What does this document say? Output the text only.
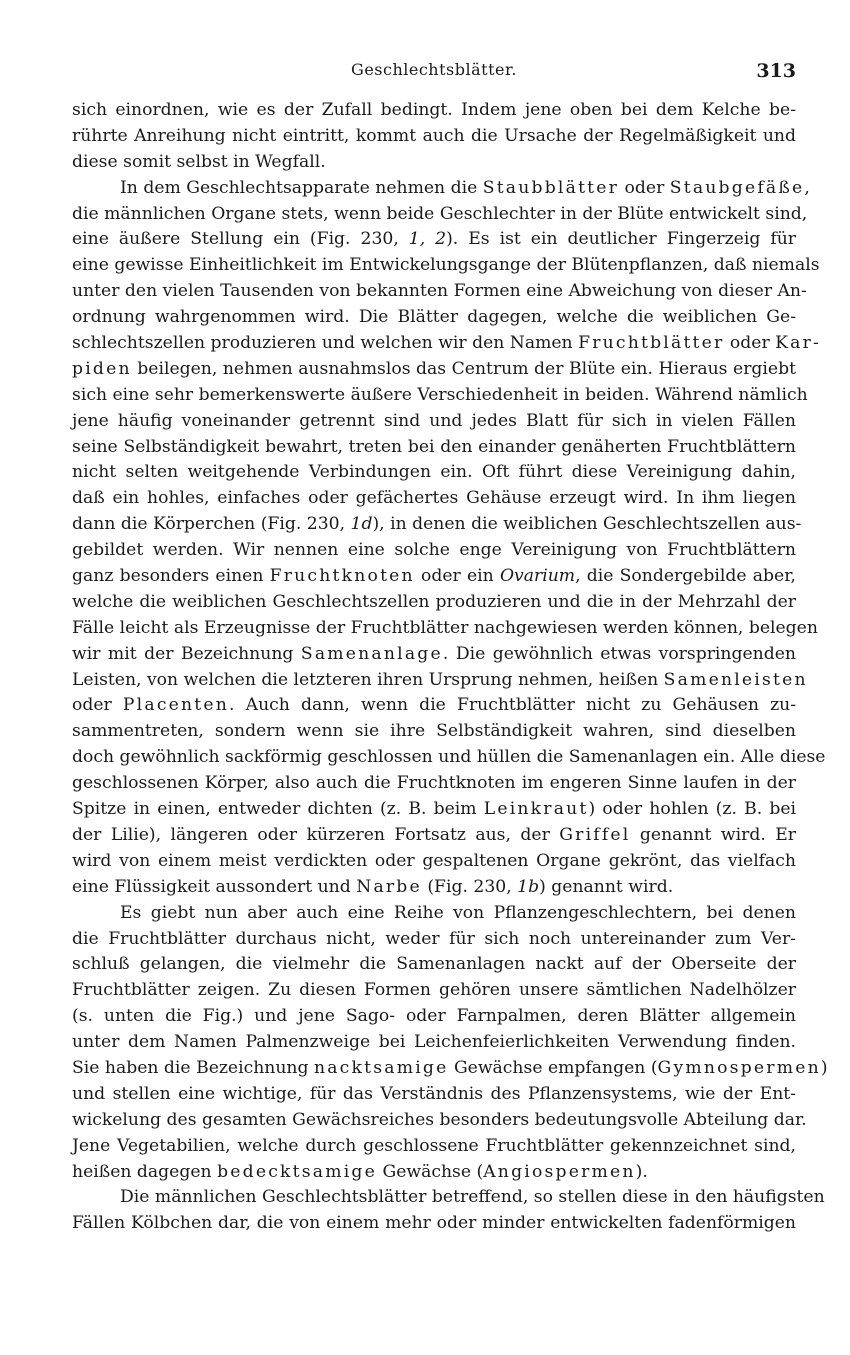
Geschlechtsblätter.	313
sich einordnen, wie es der Zufall bedingt. Indem jene oben bei dem Kelche be-
rührte Anreihung nicht eintritt, kommt auch die Ursache der Regelmäßigkeit und
diese somit selbst in Wegfall.
In dem Geschlechtsapparate nehmen die Staubblätter oder Staubgefäße,
die männlichen Organe stets, wenn beide Geschlechter in der Blüte entwickelt sind,
eine äußere Stellung ein (Fig. 230, 1, 2). Es ist ein deutlicher Fingerzeig für
eine gewisse Einheitlichkeit im Entwickelungsgange der Blütenpflanzen, daß niemals
unter den vielen Tausenden von bekannten Formen eine Abweichung von dieser An-
ordnung wahrgenommen wird. Die Blätter dagegen, welche die weiblichen Ge-
schlechtszellen produzieren und welchen wir den Namen Fruchtblätter oder Kar-
piden beilegen, nehmen ausnahmslos das Centrum der Blüte ein. Hieraus ergiebt
sich eine sehr bemerkenswerte äußere Verschiedenheit in beiden. Während nämlich
jene häufig voneinander getrennt sind und jedes Blatt für sich in vielen Fällen
seine Selbständigkeit bewahrt, treten bei den einander genäherten Fruchtblättern
nicht selten weitgehende Verbindungen ein. Oft führt diese Vereinigung dahin,
daß ein hohles, einfaches oder gefächertes Gehäuse erzeugt wird. In ihm liegen
dann die Körperchen (Fig. 230, 1d), in denen die weiblichen Geschlechtszellen aus-
gebildet werden. Wir nennen eine solche enge Vereinigung von Fruchtblättern
ganz besonders einen Fruchtknoten oder ein Ovarium, die Sondergebilde aber,
welche die weiblichen Geschlechtszellen produzieren und die in der Mehrzahl der
Fälle leicht als Erzeugnisse der Fruchtblätter nachgewiesen werden können, belegen
wir mit der Bezeichnung Samenanlage. Die gewöhnlich etwas vorspringenden
Leisten, von welchen die letzteren ihren Ursprung nehmen, heißen Samenleisten
oder Placenten. Auch dann, wenn die Fruchtblätter nicht zu Gehäusen zu-
sammentreten, sondern wenn sie ihre Selbständigkeit wahren, sind dieselben
doch gewöhnlich sackförmig geschlossen und hüllen die Samenanlagen ein. Alle diese
geschlossenen Körper, also auch die Fruchtknoten im engeren Sinne laufen in der
Spitze in einen, entweder dichten (z. B. beim Leinkraut) oder hohlen (z. B. bei
der Lilie), längeren oder kürzeren Fortsatz aus, der Griffel genannt wird. Er
wird von einem meist verdickten oder gespaltenen Organe gekrönt, das vielfach
eine Flüssigkeit aussondert und Narbe (Fig. 230, 1b) genannt wird.
Es giebt nun aber auch eine Reihe von Pflanzengeschlechtern, bei denen
die Fruchtblätter durchaus nicht, weder für sich noch untereinander zum Ver-
schluß gelangen, die vielmehr die Samenanlagen nackt auf der Oberseite der
Fruchtblätter zeigen. Zu diesen Formen gehören unsere sämtlichen Nadelhölzer
(s. unten die Fig.) und jene Sago- oder Farnpalmen, deren Blätter allgemein
unter dem Namen Palmenzweige bei Leichenfeierlichkeiten Verwendung finden.
Sie haben die Bezeichnung nacktsamige Gewächse empfangen (Gymnospermen)
und stellen eine wichtige, für das Verständnis des Pflanzensystems, wie der Ent-
wickelung des gesamten Gewächsreiches besonders bedeutungsvolle Abteilung dar.
Jene Vegetabilien, welche durch geschlossene Fruchtblätter gekennzeichnet sind,
heißen dagegen bedecktsamige Gewächse (Angiospermen).
Die männlichen Geschlechtsblätter betreffend, so stellen diese in den häufigsten
Fällen Kölbchen dar, die von einem mehr oder minder entwickelten fadenförmigen
